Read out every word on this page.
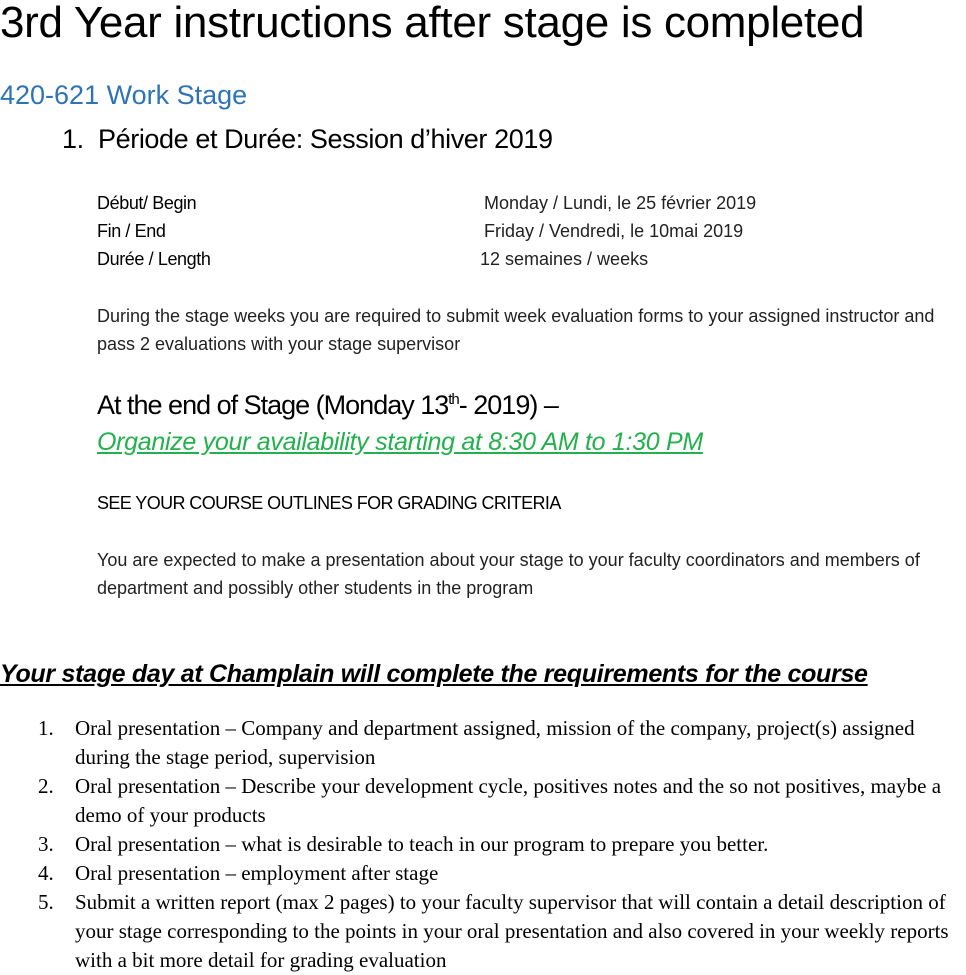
3rd Year instructions after stage is completed
420-621 Work Stage
1. Période et Durée: Session d’hiver 2019
Début/ Begin	Monday / Lundi, le 25 février 2019
Fin / End	Friday / Vendredi, le 10mai 2019
Durée / Length	12 semaines / weeks
During the stage weeks you are required to submit week evaluation forms to your assigned instructor and pass 2 evaluations with your stage supervisor
At the end of Stage (Monday 13th- 2019) –
Organize your availability starting at 8:30 AM to 1:30 PM
SEE YOUR COURSE OUTLINES FOR GRADING CRITERIA
You are expected to make a presentation about your stage to your faculty coordinators and members of department and possibly other students in the program
Your stage day at Champlain will complete the requirements for the course
1. Oral presentation – Company and department assigned, mission of the company, project(s) assigned during the stage period, supervision
2. Oral presentation – Describe your development cycle, positives notes and the so not positives, maybe a demo of your products
3. Oral presentation – what is desirable to teach in our program to prepare you better.
4. Oral presentation – employment after stage
5. Submit a written report (max 2 pages) to your faculty supervisor that will contain a detail description of your stage corresponding to the points in your oral presentation and also covered in your weekly reports with a bit more detail for grading evaluation
